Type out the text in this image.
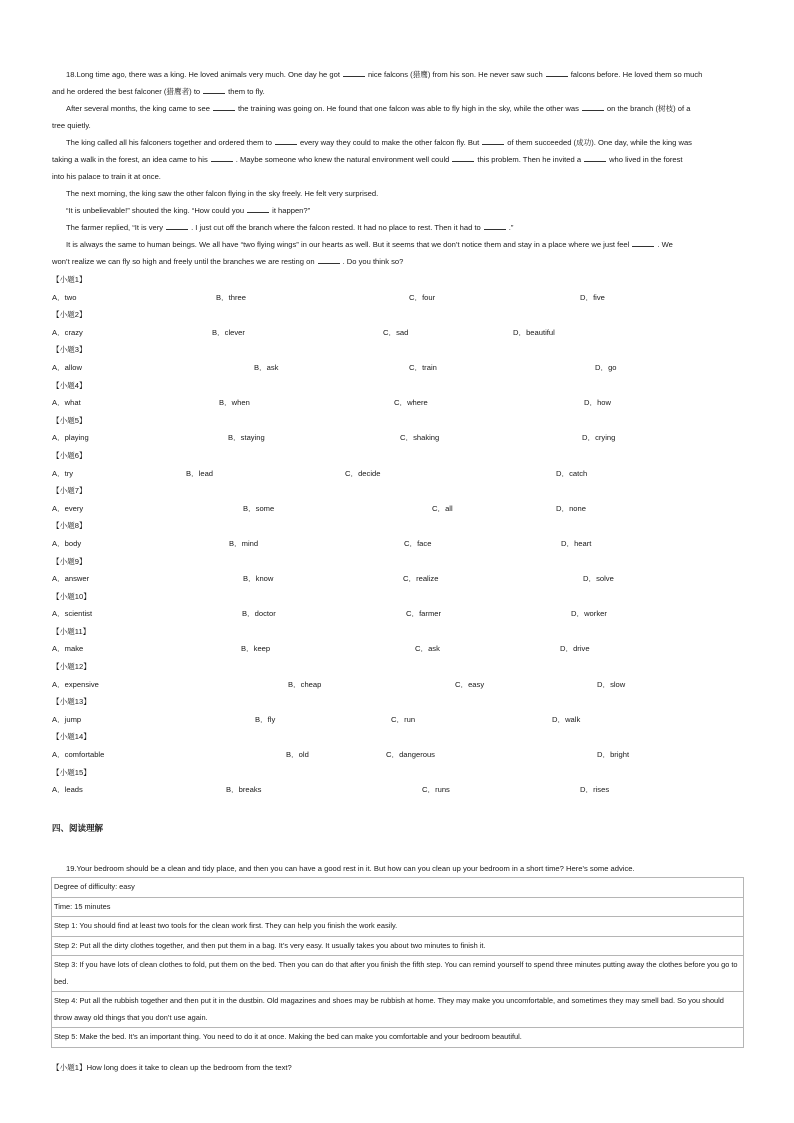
18.Long time ago, there was a king. He loved animals very much. One day he got	nice falcons (猎鹰) from his son. He never saw such	falcons before. He loved them so much

and he ordered the best falconer (猎鹰者) to	them to fly.

After several months, the king came to see	the training was going on. He found that one falcon was able to fly high in the sky, while the other was	on the branch (树枝) of a

tree quietly.

The king called all his falconers together and ordered them to	every way they could to make the other falcon fly. But	of them succeeded (成功). One day, while the king was

taking a walk in the forest, an idea came to his	. Maybe someone who knew the natural environment well could	this problem. Then he invited a	who lived in the forest

into his palace to train it at once.

The next morning, the king saw the other falcon flying in the sky freely. He felt very surprised.

“It is unbelievable!” shouted the king. “How could you	it happen?”

The farmer replied, “It is very	. I just cut off the branch where the falcon rested. It had no place to rest. Then it had to	.”

It is always the same to human beings. We all have “two flying wings” in our hearts as well. But it seems that we don’t notice them and stay in a place where we just feel	. We

won’t realize we can fly so high and freely until the branches we are resting on	. Do you think so?

【小题1】
A．two	B．three	C．four	D．five
【小题2】
A．crazy	B．clever	C．sad	D．beautiful
【小题3】
A．allow	B．ask	C．train	D．go
【小题4】
A．what	B．when	C．where	D．how
【小题5】
A．playing	B．staying	C．shaking	D．crying
【小题6】
A．try	B．lead	C．decide	D．catch
【小题7】
A．every	B．some	C．all	D．none
【小题8】
A．body	B．mind	C．face	D．heart
【小题9】
A．answer	B．know	C．realize	D．solve
【小题10】
A．scientist	B．doctor	C．farmer	D．worker
【小题11】
A．make	B．keep	C．ask	D．drive
【小题12】
A．expensive	B．cheap	C．easy	D．slow
【小题13】
A．jump	B．fly	C．run	D．walk
【小题14】
A．comfortable	B．old	C．dangerous	D．bright
【小题15】
A．leads	B．breaks	C．runs	D．rises
四、阅读理解
19.Your bedroom should be a clean and tidy place, and then you can have a good rest in it. But how can you clean up your bedroom in a short time? Here’s some advice.
Degree of difficulty: easy
Time: 15 minutes
Step 1: You should find at least two tools for the clean work first. They can help you finish the work easily.
Step 2: Put all the dirty clothes together, and then put them in a bag. It’s very easy. It usually takes you about two minutes to finish it.
Step 3: If you have lots of clean clothes to fold, put them on the bed. Then you can do that after you finish the fifth step. You can remind yourself to spend three minutes putting away the clothes before you go to bed.
Step 4: Put all the rubbish together and then put it in the dustbin. Old magazines and shoes may be rubbish at home. They may make you uncomfortable, and sometimes they may smell bad. So you should throw away old things that you don’t use again.
Step 5: Make the bed. It’s an important thing. You need to do it at once. Making the bed can make you comfortable and your bedroom beautiful.
【小题1】How long does it take to clean up the bedroom from the text?
